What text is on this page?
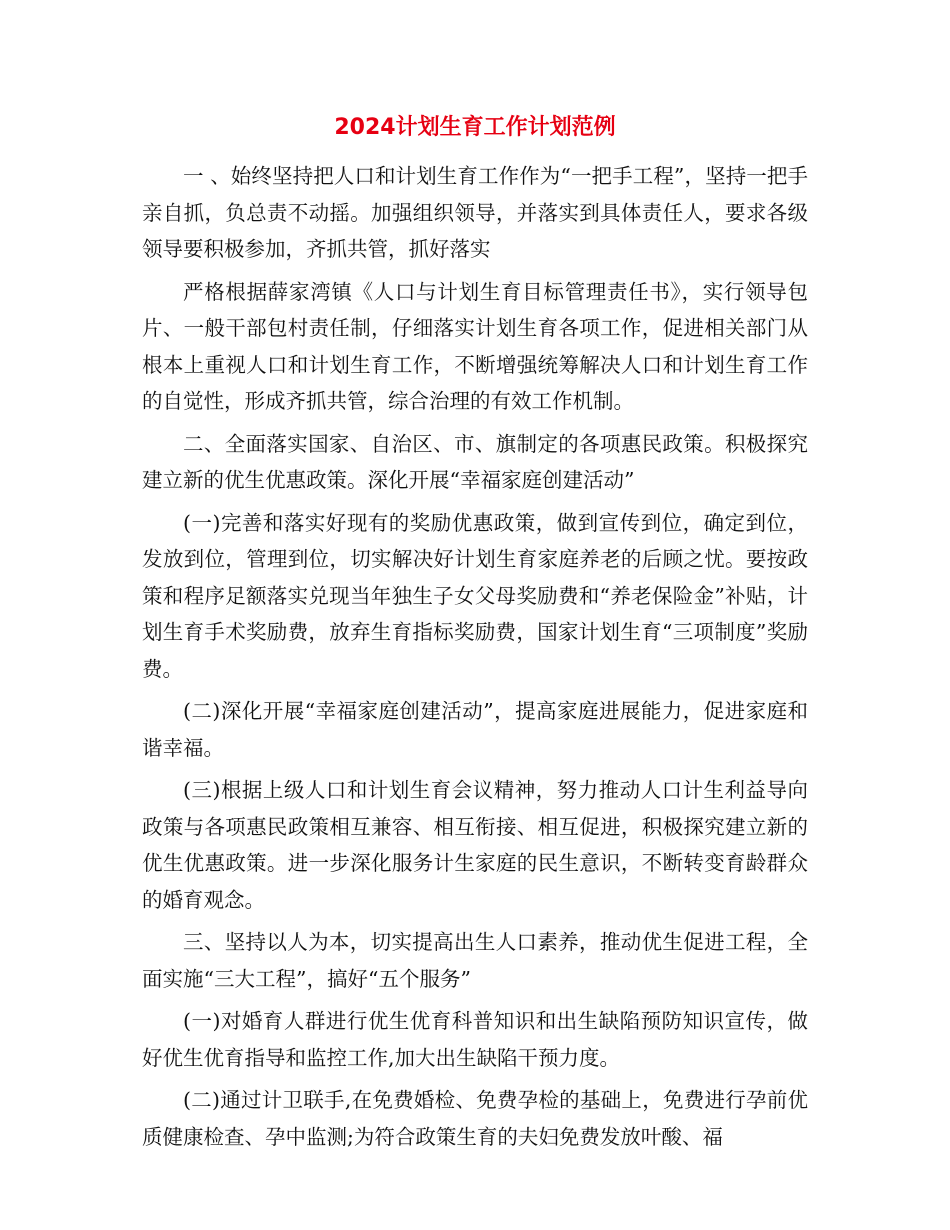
2024计划生育工作计划范例

一 、始终坚持把人口和计划生育工作作为“一把手工程”，坚持一把手亲自抓，负总责不动摇。加强组织领导，并落实到具体责任人，要求各级领导要积极参加，齐抓共管，抓好落实

严格根据薛家湾镇《人口与计划生育目标管理责任书》，实行领导包片、一般干部包村责任制，仔细落实计划生育各项工作，促进相关部门从根本上重视人口和计划生育工作，不断增强统筹解决人口和计划生育工作的自觉性，形成齐抓共管，综合治理的有效工作机制。

二、全面落实国家、自治区、市、旗制定的各项惠民政策。积极探究建立新的优生优惠政策。深化开展“幸福家庭创建活动”

(一)完善和落实好现有的奖励优惠政策，做到宣传到位，确定到位，发放到位，管理到位，切实解决好计划生育家庭养老的后顾之忧。要按政策和程序足额落实兑现当年独生子女父母奖励费和“养老保险金”补贴，计划生育手术奖励费，放弃生育指标奖励费，国家计划生育“三项制度”奖励费。

(二)深化开展“幸福家庭创建活动”，提高家庭进展能力，促进家庭和谐幸福。

(三)根据上级人口和计划生育会议精神，努力推动人口计生利益导向政策与各项惠民政策相互兼容、相互衔接、相互促进，积极探究建立新的优生优惠政策。进一步深化服务计生家庭的民生意识，不断转变育龄群众的婚育观念。

三、坚持以人为本，切实提高出生人口素养，推动优生促进工程，全面实施“三大工程”，搞好“五个服务”

(一)对婚育人群进行优生优育科普知识和出生缺陷预防知识宣传，做好优生优育指导和监控工作,加大出生缺陷干预力度。

(二)通过计卫联手,在免费婚检、免费孕检的基础上，免费进行孕前优质健康检查、孕中监测;为符合政策生育的夫妇免费发放叶酸、福
